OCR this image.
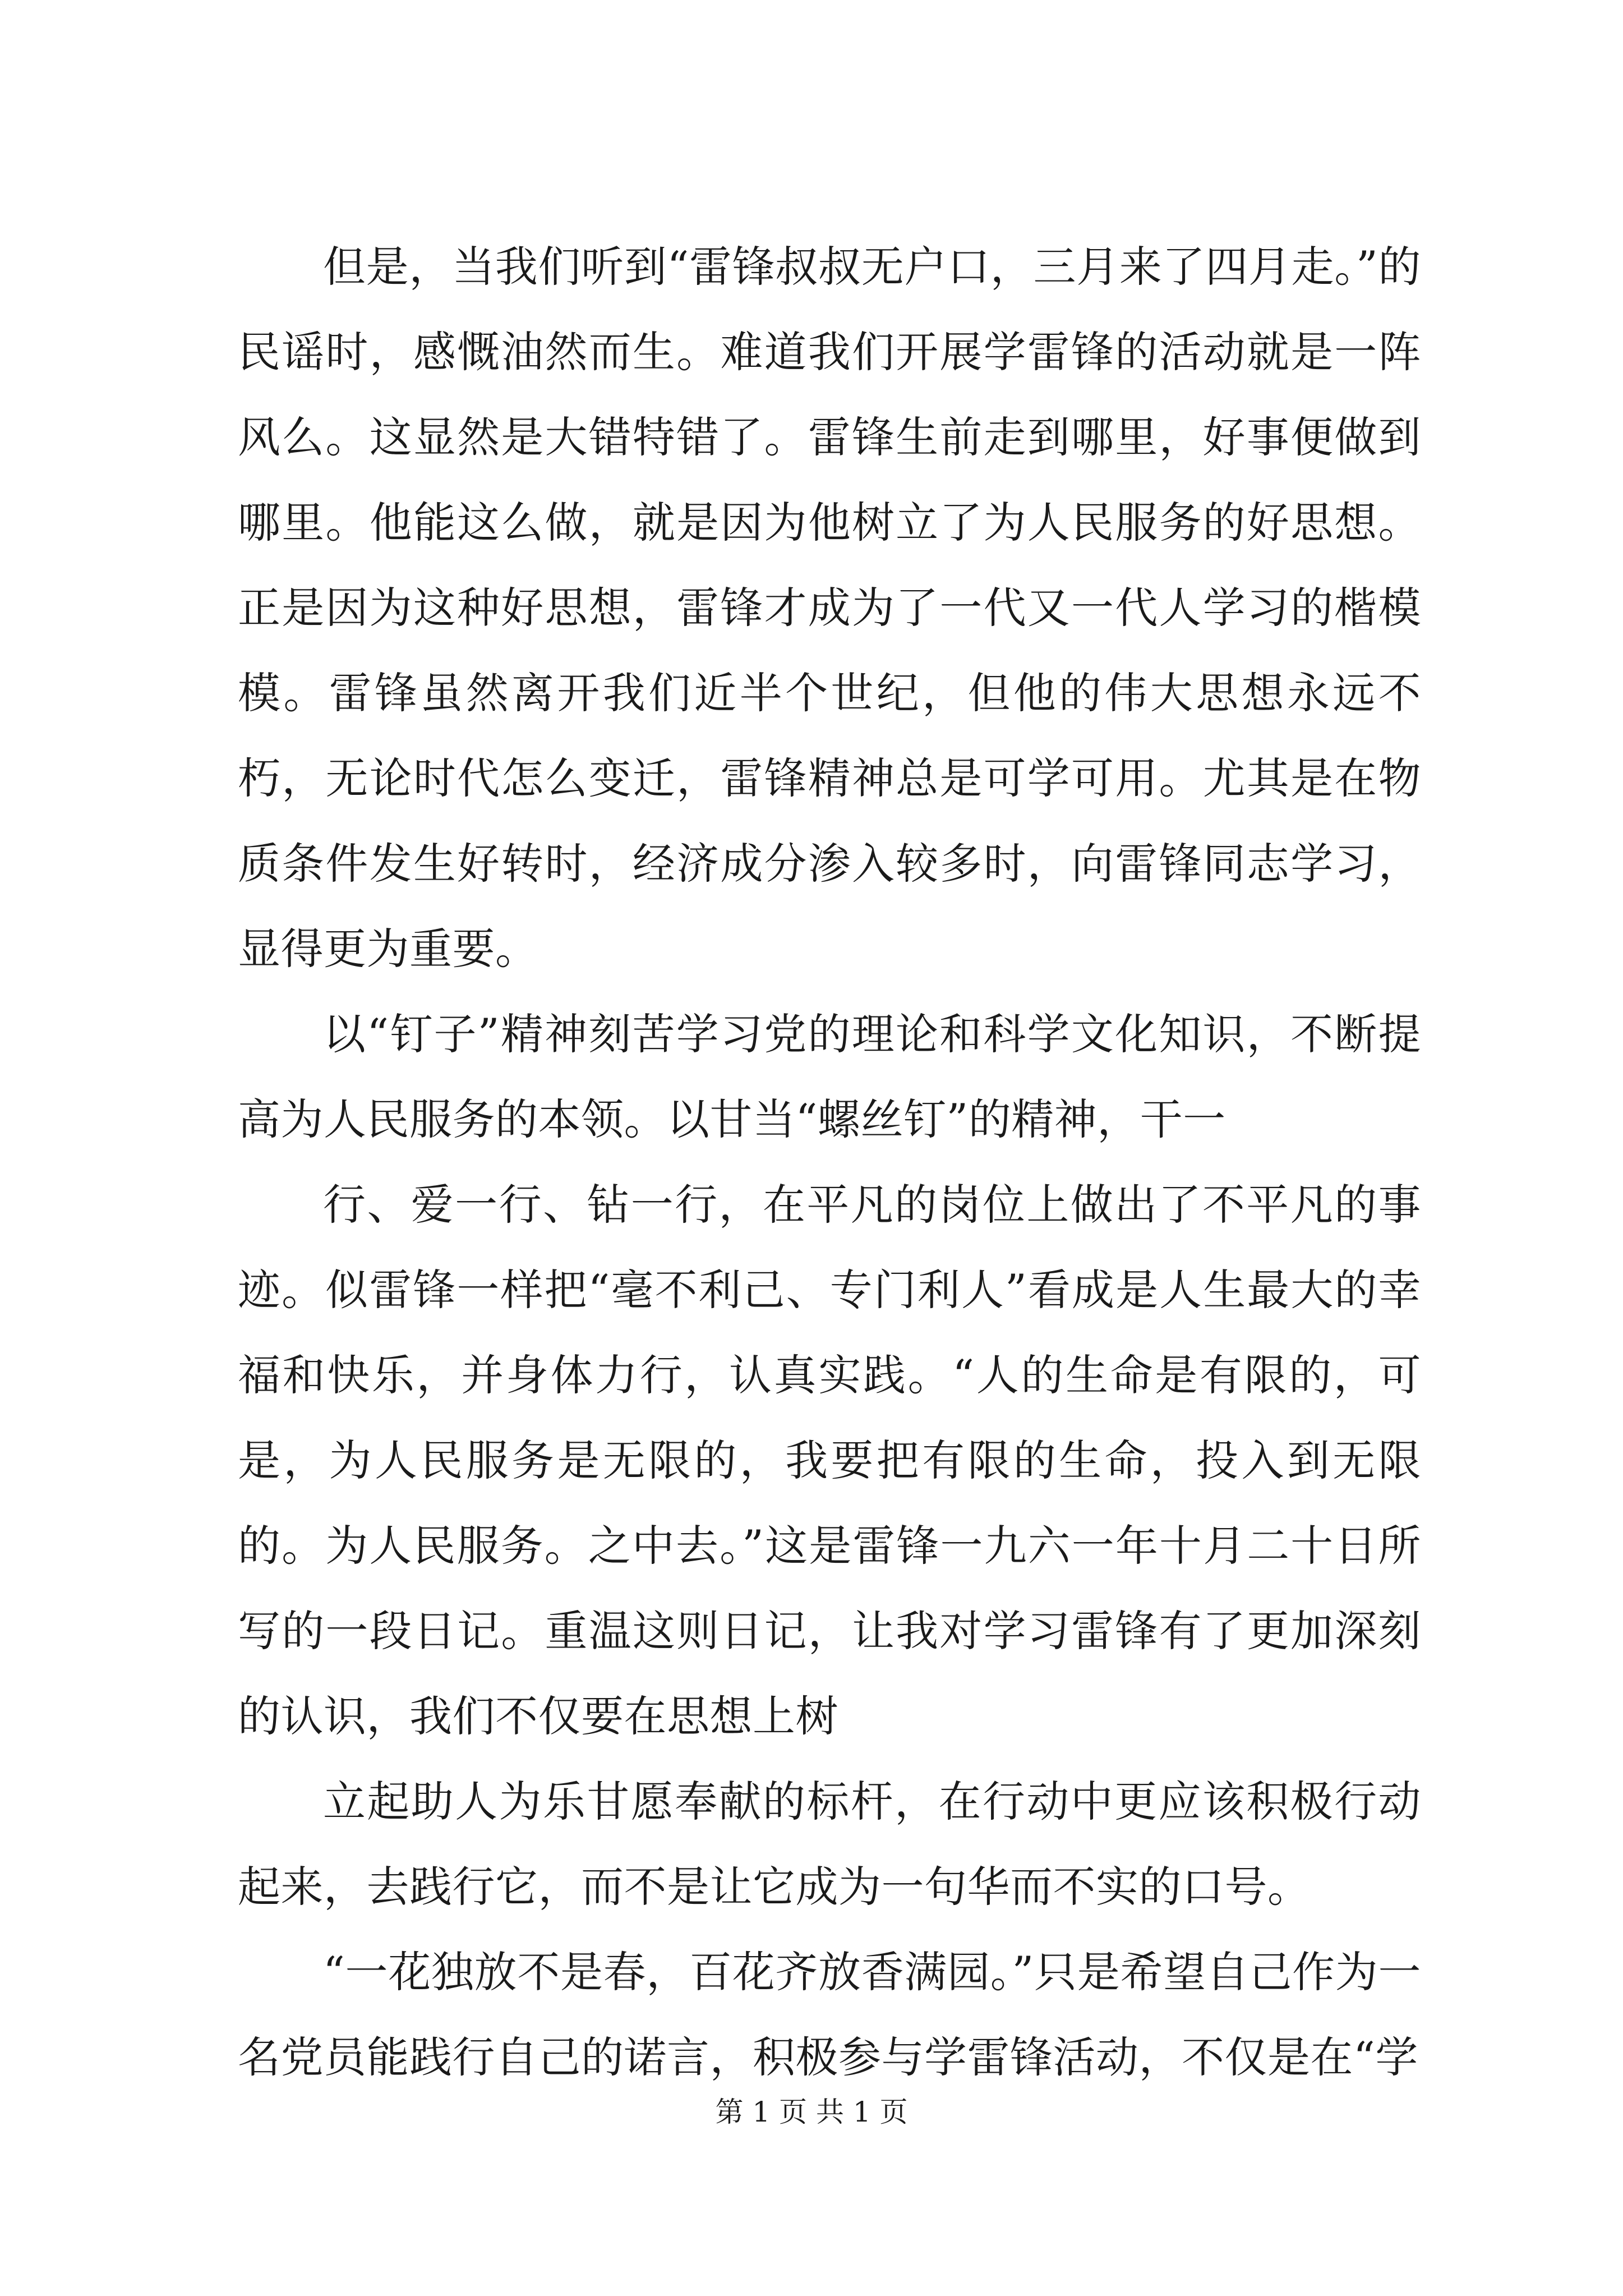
但是，当我们听到“雷锋叔叔无户口，三月来了四月走。”的民谣时，感慨油然而生。难道我们开展学雷锋的活动就是一阵风么。这显然是大错特错了。雷锋生前走到哪里，好事便做到哪里。他能这么做，就是因为他树立了为人民服务的好思想。正是因为这种好思想，雷锋才成为了一代又一代人学习的楷模模。雷锋虽然离开我们近半个世纪，但他的伟大思想永远不朽，无论时代怎么变迁，雷锋精神总是可学可用。尤其是在物质条件发生好转时，经济成分渗入较多时，向雷锋同志学习，显得更为重要。

以“钉子”精神刻苦学习党的理论和科学文化知识，不断提高为人民服务的本领。以甘当“螺丝钉”的精神，干一

行、爱一行、钻一行，在平凡的岗位上做出了不平凡的事迹。似雷锋一样把“毫不利己、专门利人”看成是人生最大的幸福和快乐，并身体力行，认真实践。“人的生命是有限的，可是，为人民服务是无限的，我要把有限的生命，投入到无限的。为人民服务。之中去。”这是雷锋一九六一年十月二十日所写的一段日记。重温这则日记，让我对学习雷锋有了更加深刻的认识，我们不仅要在思想上树

立起助人为乐甘愿奉献的标杆，在行动中更应该积极行动起来，去践行它，而不是让它成为一句华而不实的口号。

“一花独放不是春，百花齐放香满园。”只是希望自己作为一名党员能践行自己的诺言，积极参与学雷锋活动，不仅是在“学

第 1 页 共 1 页
